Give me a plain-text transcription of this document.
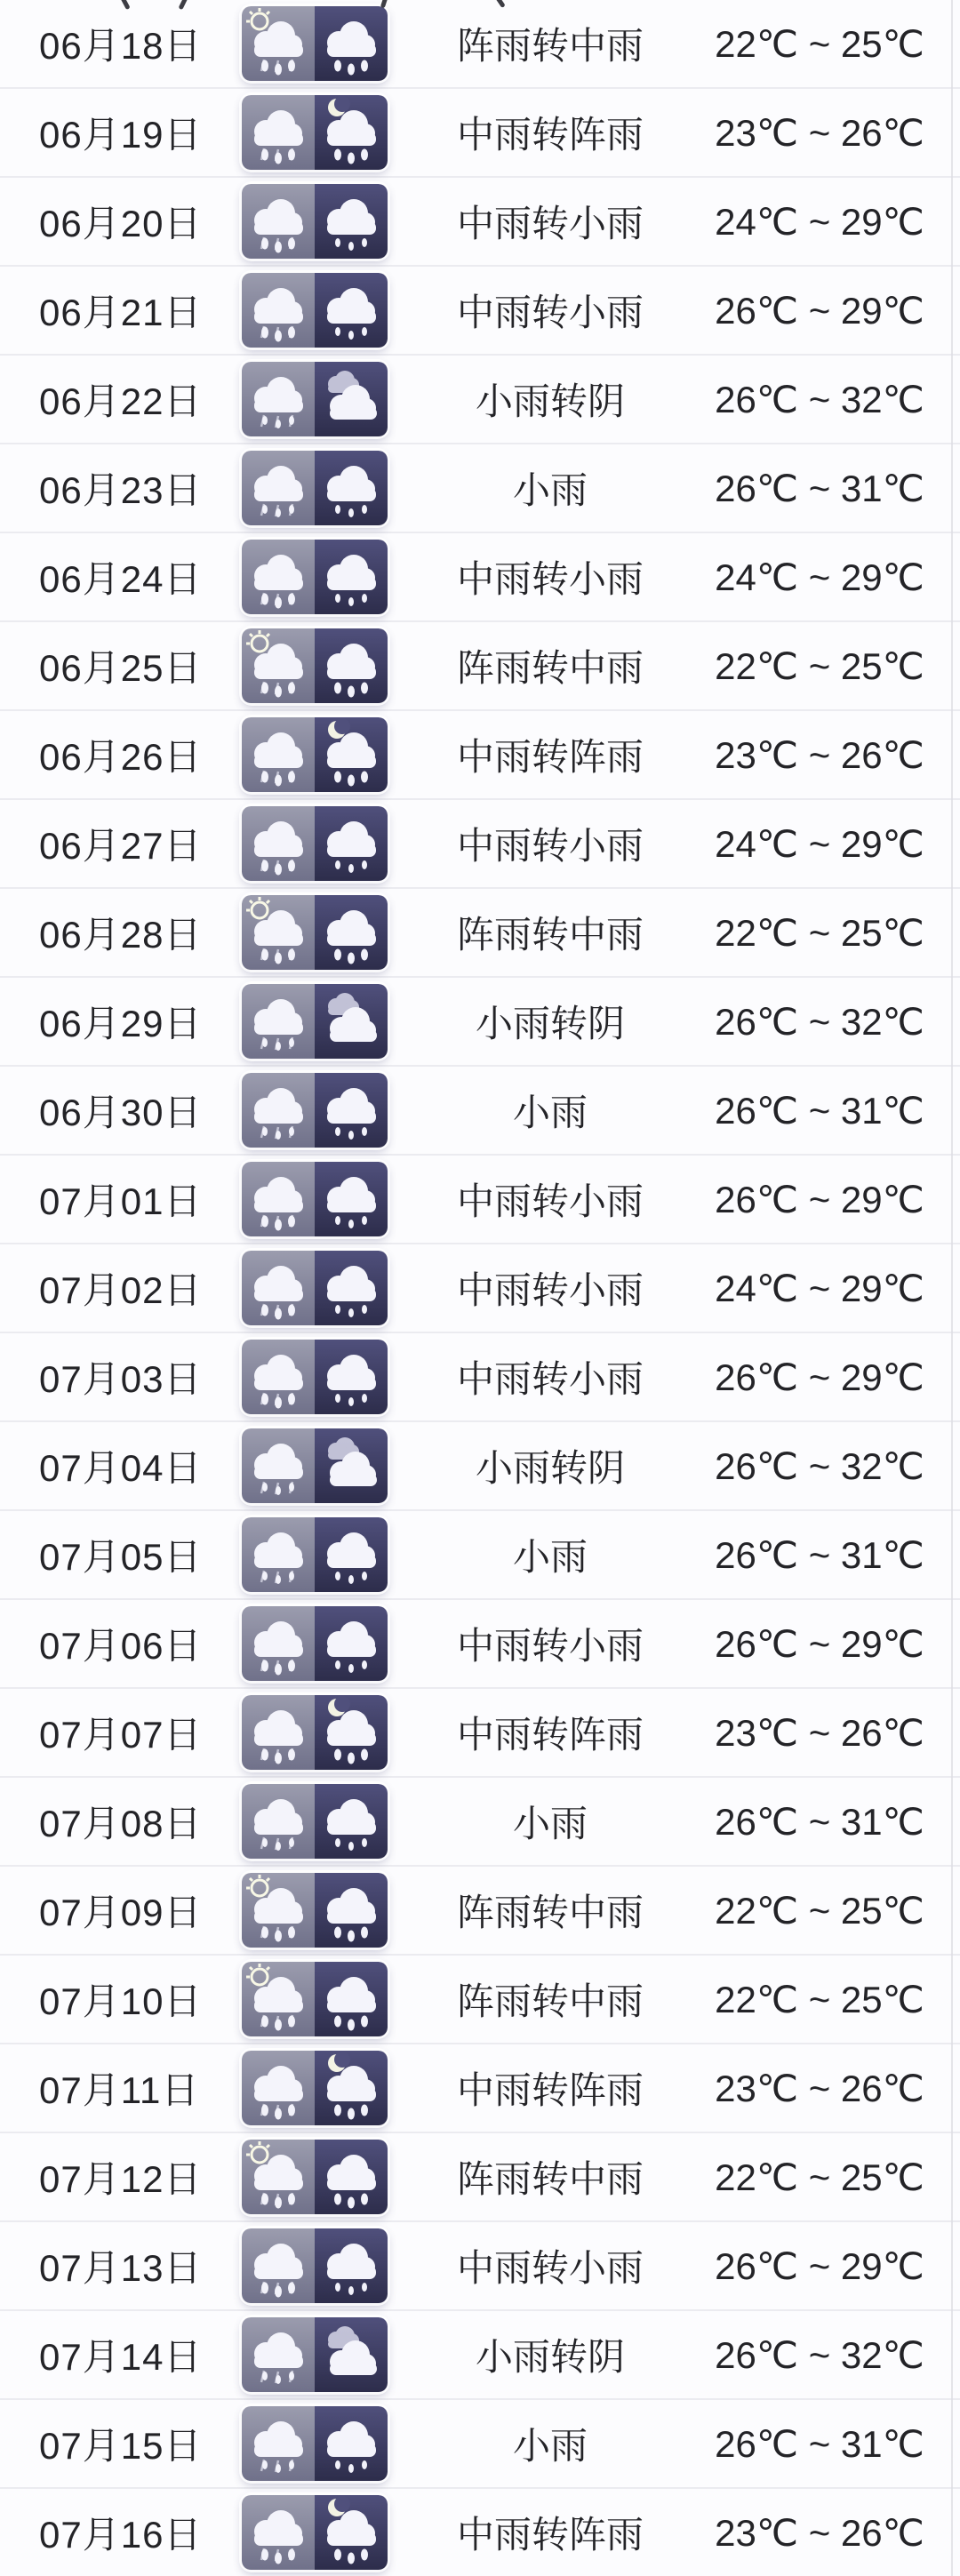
06月18日	阵雨转中雨	22℃ ~ 25℃
06月19日	中雨转阵雨	23℃ ~ 26℃
06月20日	中雨转小雨	24℃ ~ 29℃
06月21日	中雨转小雨	26℃ ~ 29℃
06月22日	小雨转阴	26℃ ~ 32℃
06月23日	小雨	26℃ ~ 31℃
06月24日	中雨转小雨	24℃ ~ 29℃
06月25日	阵雨转中雨	22℃ ~ 25℃
06月26日	中雨转阵雨	23℃ ~ 26℃
06月27日	中雨转小雨	24℃ ~ 29℃
06月28日	阵雨转中雨	22℃ ~ 25℃
06月29日	小雨转阴	26℃ ~ 32℃
06月30日	小雨	26℃ ~ 31℃
07月01日	中雨转小雨	26℃ ~ 29℃
07月02日	中雨转小雨	24℃ ~ 29℃
07月03日	中雨转小雨	26℃ ~ 29℃
07月04日	小雨转阴	26℃ ~ 32℃
07月05日	小雨	26℃ ~ 31℃
07月06日	中雨转小雨	26℃ ~ 29℃
07月07日	中雨转阵雨	23℃ ~ 26℃
07月08日	小雨	26℃ ~ 31℃
07月09日	阵雨转中雨	22℃ ~ 25℃
07月10日	阵雨转中雨	22℃ ~ 25℃
07月11日	中雨转阵雨	23℃ ~ 26℃
07月12日	阵雨转中雨	22℃ ~ 25℃
07月13日	中雨转小雨	26℃ ~ 29℃
07月14日	小雨转阴	26℃ ~ 32℃
07月15日	小雨	26℃ ~ 31℃
07月16日	中雨转阵雨	23℃ ~ 26℃
